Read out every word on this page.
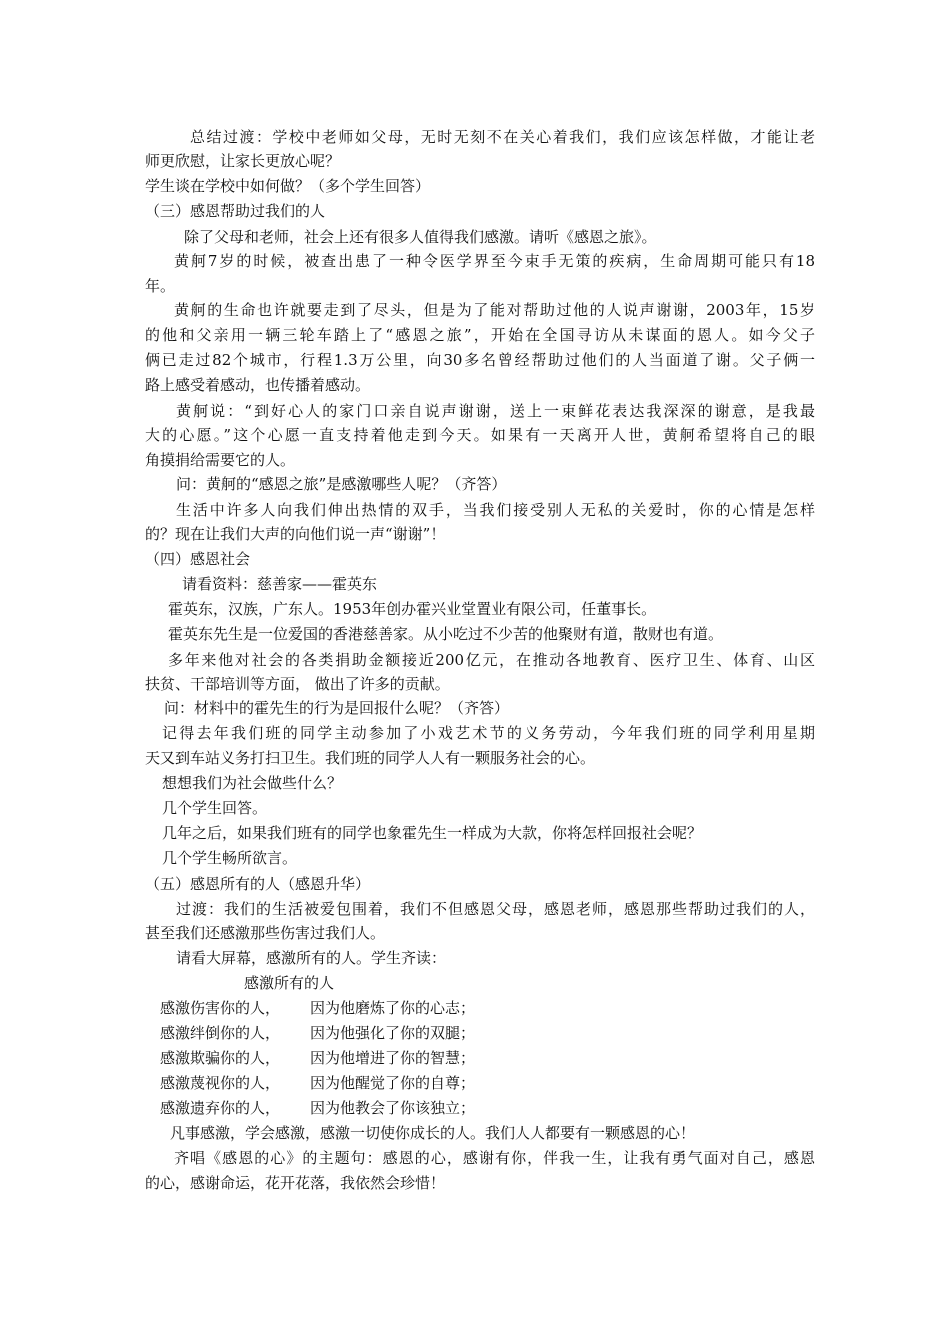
总结过渡：学校中老师如父母，无时无刻不在关心着我们，我们应该怎样做，才能让老
师更欣慰，让家长更放心呢？
学生谈在学校中如何做？（多个学生回答）
（三）感恩帮助过我们的人
除了父母和老师，社会上还有很多人值得我们感激。请听《感恩之旅》。
黄舸7岁的时候，被查出患了一种令医学界至今束手无策的疾病，生命周期可能只有18
年。
黄舸的生命也许就要走到了尽头，但是为了能对帮助过他的人说声谢谢，2003年，15岁
的他和父亲用一辆三轮车踏上了“感恩之旅”，开始在全国寻访从未谋面的恩人。如今父子
俩已走过82个城市，行程1.3万公里，向30多名曾经帮助过他们的人当面道了谢。父子俩一
路上感受着感动，也传播着感动。
黄舸说：“到好心人的家门口亲自说声谢谢，送上一束鲜花表达我深深的谢意，是我最
大的心愿。”这个心愿一直支持着他走到今天。如果有一天离开人世，黄舸希望将自己的眼
角摸捐给需要它的人。
问：黄舸的“感恩之旅”是感激哪些人呢？（齐答）
生活中许多人向我们伸出热情的双手，当我们接受别人无私的关爱时，你的心情是怎样
的？现在让我们大声的向他们说一声“谢谢”！
（四）感恩社会
请看资料：慈善家——霍英东
霍英东，汉族，广东人。1953年创办霍兴业堂置业有限公司，任董事长。
霍英东先生是一位爱国的香港慈善家。从小吃过不少苦的他聚财有道，散财也有道。
多年来他对社会的各类捐助金额接近200亿元，在推动各地教育、医疗卫生、体育、山区
扶贫、干部培训等方面， 做出了许多的贡献。
问：材料中的霍先生的行为是回报什么呢？（齐答）
记得去年我们班的同学主动参加了小戏艺术节的义务劳动，今年我们班的同学利用星期
天又到车站义务打扫卫生。我们班的同学人人有一颗服务社会的心。
想想我们为社会做些什么？
几个学生回答。
几年之后，如果我们班有的同学也象霍先生一样成为大款，你将怎样回报社会呢？
几个学生畅所欲言。
（五）感恩所有的人（感恩升华）
过渡：我们的生活被爱包围着，我们不但感恩父母，感恩老师，感恩那些帮助过我们的人，
甚至我们还感激那些伤害过我们人。
请看大屏幕，感激所有的人。学生齐读：
感激所有的人
感激伤害你的人， 因为他磨炼了你的心志；
感激绊倒你的人， 因为他强化了你的双腿；
感激欺骗你的人， 因为他增进了你的智慧；
感激蔑视你的人， 因为他醒觉了你的自尊；
感激遗弃你的人， 因为他教会了你该独立；
凡事感激，学会感激，感激一切使你成长的人。我们人人都要有一颗感恩的心！
齐唱《感恩的心》的主题句：感恩的心，感谢有你，伴我一生，让我有勇气面对自己，感恩
的心，感谢命运，花开花落，我依然会珍惜！
